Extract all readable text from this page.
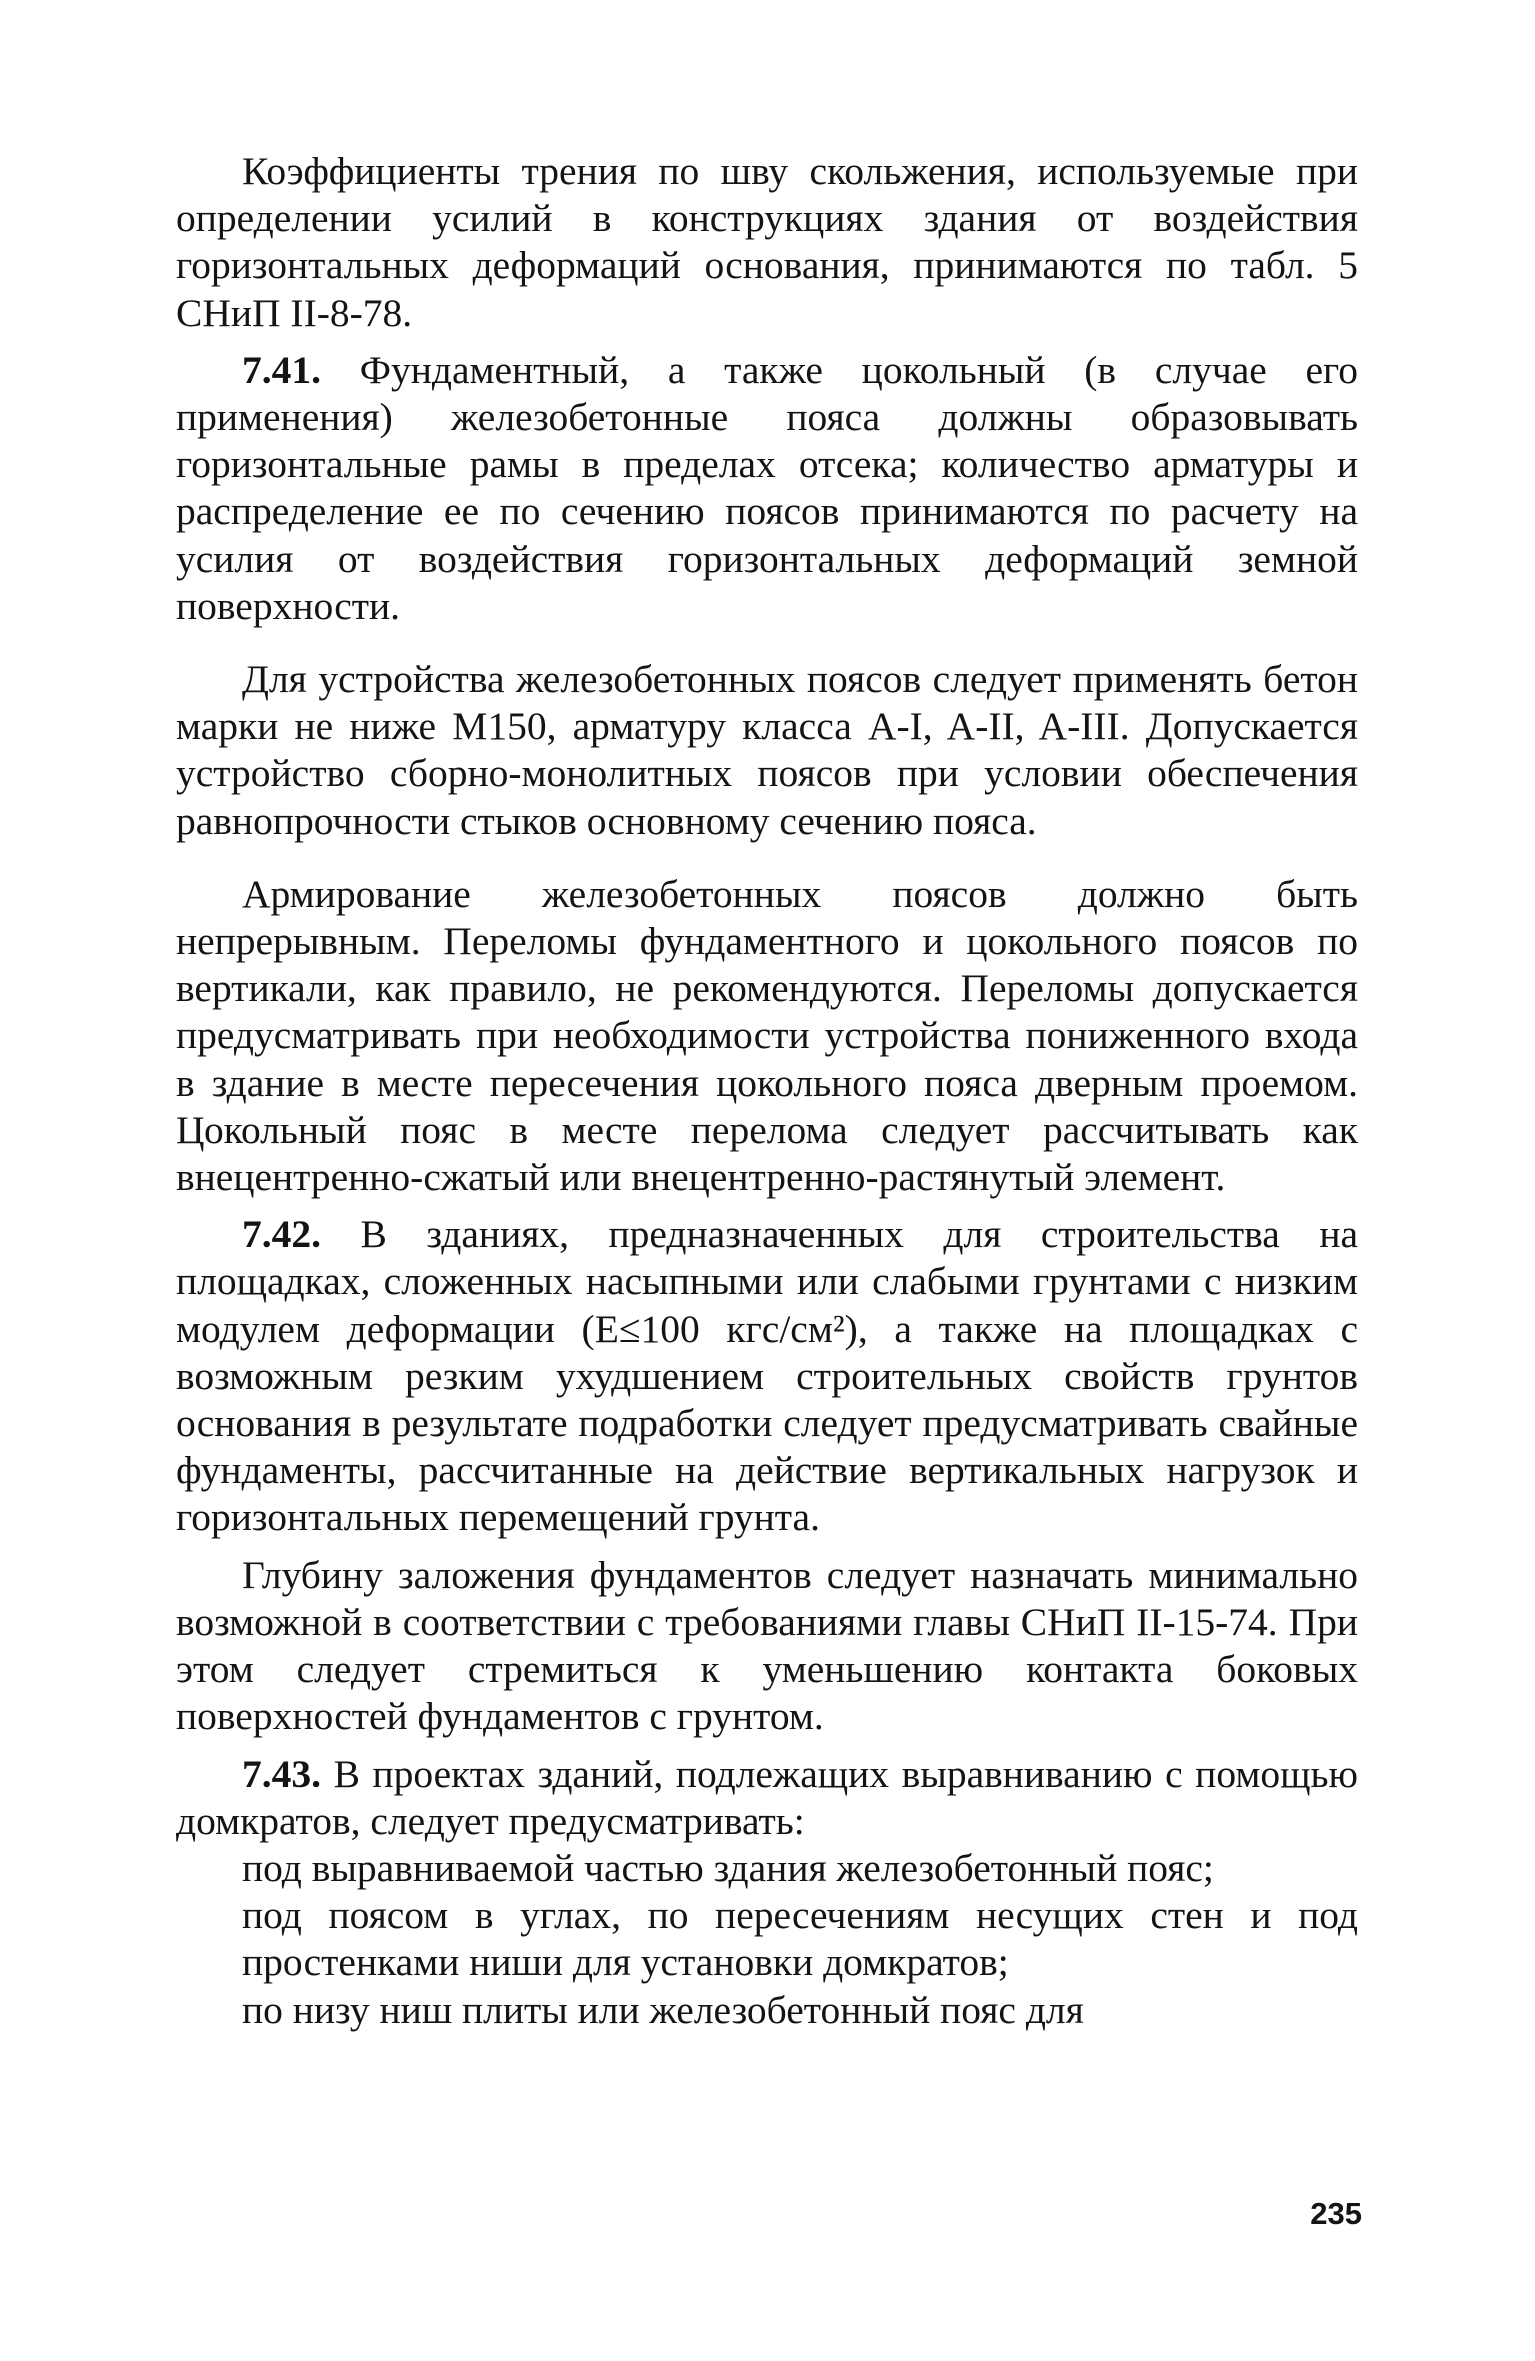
Коэффициенты трения по шву скольжения, используемые при определении усилий в конструкциях здания от воздействия горизонтальных деформаций основания, принимаются по табл. 5 СНиП II-8-78.

7.41. Фундаментный, а также цокольный (в случае его применения) железобетонные пояса должны образовывать горизонтальные рамы в пределах отсека; количество арматуры и распределение ее по сечению поясов принимаются по расчету на усилия от воздействия горизонтальных деформаций земной поверхности.

Для устройства железобетонных поясов следует применять бетон марки не ниже М150, арматуру класса A-I, A-II, A-III. Допускается устройство сборно-монолитных поясов при условии обеспечения равнопрочности стыков основному сечению пояса.

Армирование железобетонных поясов должно быть непрерывным. Переломы фундаментного и цокольного поясов по вертикали, как правило, не рекомендуются. Переломы допускается предусматривать при необходимости устройства пониженного входа в здание в месте пересечения цокольного пояса дверным проемом. Цокольный пояс в месте перелома следует рассчитывать как внецентренно-сжатый или внецентренно-растянутый элемент.

7.42. В зданиях, предназначенных для строительства на площадках, сложенных насыпными или слабыми грунтами с низким модулем деформации (E≤100 кгс/см²), а также на площадках с возможным резким ухудшением строительных свойств грунтов основания в результате подработки следует предусматривать свайные фундаменты, рассчитанные на действие вертикальных нагрузок и горизонтальных перемещений грунта.

Глубину заложения фундаментов следует назначать минимально возможной в соответствии с требованиями главы СНиП II-15-74. При этом следует стремиться к уменьшению контакта боковых поверхностей фундаментов с грунтом.

7.43. В проектах зданий, подлежащих выравниванию с помощью домкратов, следует предусматривать:

под выравниваемой частью здания железобетонный пояс;

под поясом в углах, по пересечениям несущих стен и под простенками ниши для установки домкратов;

по низу ниш плиты или железобетонный пояс для

235
